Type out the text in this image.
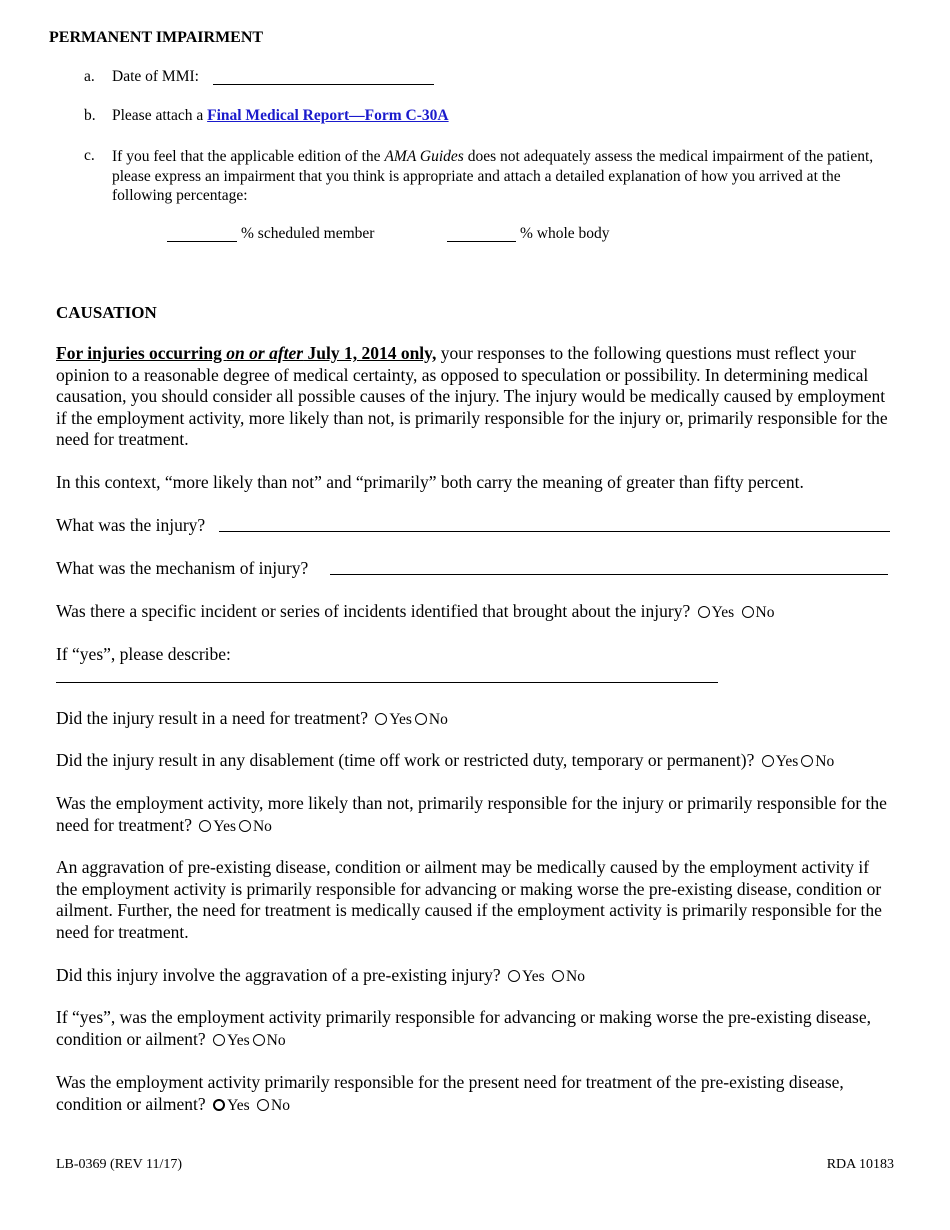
PERMANENT IMPAIRMENT
a. Date of MMI:
b. Please attach a Final Medical Report—Form C-30A
c. If you feel that the applicable edition of the AMA Guides does not adequately assess the medical impairment of the patient, please express an impairment that you think is appropriate and attach a detailed explanation of how you arrived at the following percentage:
% scheduled member	% whole body
CAUSATION
For injuries occurring on or after July 1, 2014 only, your responses to the following questions must reflect your opinion to a reasonable degree of medical certainty, as opposed to speculation or possibility. In determining medical causation, you should consider all possible causes of the injury. The injury would be medically caused by employment if the employment activity, more likely than not, is primarily responsible for the injury or, primarily responsible for the need for treatment.
In this context, “more likely than not” and “primarily” both carry the meaning of greater than fifty percent.
What was the injury?
What was the mechanism of injury?
Was there a specific incident or series of incidents identified that brought about the injury? Yes No
If “yes”, please describe:
Did the injury result in a need for treatment? Yes No
Did the injury result in any disablement (time off work or restricted duty, temporary or permanent)? Yes No
Was the employment activity, more likely than not, primarily responsible for the injury or primarily responsible for the need for treatment? Yes No
An aggravation of pre-existing disease, condition or ailment may be medically caused by the employment activity if the employment activity is primarily responsible for advancing or making worse the pre-existing disease, condition or ailment. Further, the need for treatment is medically caused if the employment activity is primarily responsible for the need for treatment.
Did this injury involve the aggravation of a pre-existing injury? Yes No
If “yes”, was the employment activity primarily responsible for advancing or making worse the pre-existing disease, condition or ailment? Yes No
Was the employment activity primarily responsible for the present need for treatment of the pre-existing disease, condition or ailment? Yes No
LB-0369 (REV 11/17)	RDA 10183
